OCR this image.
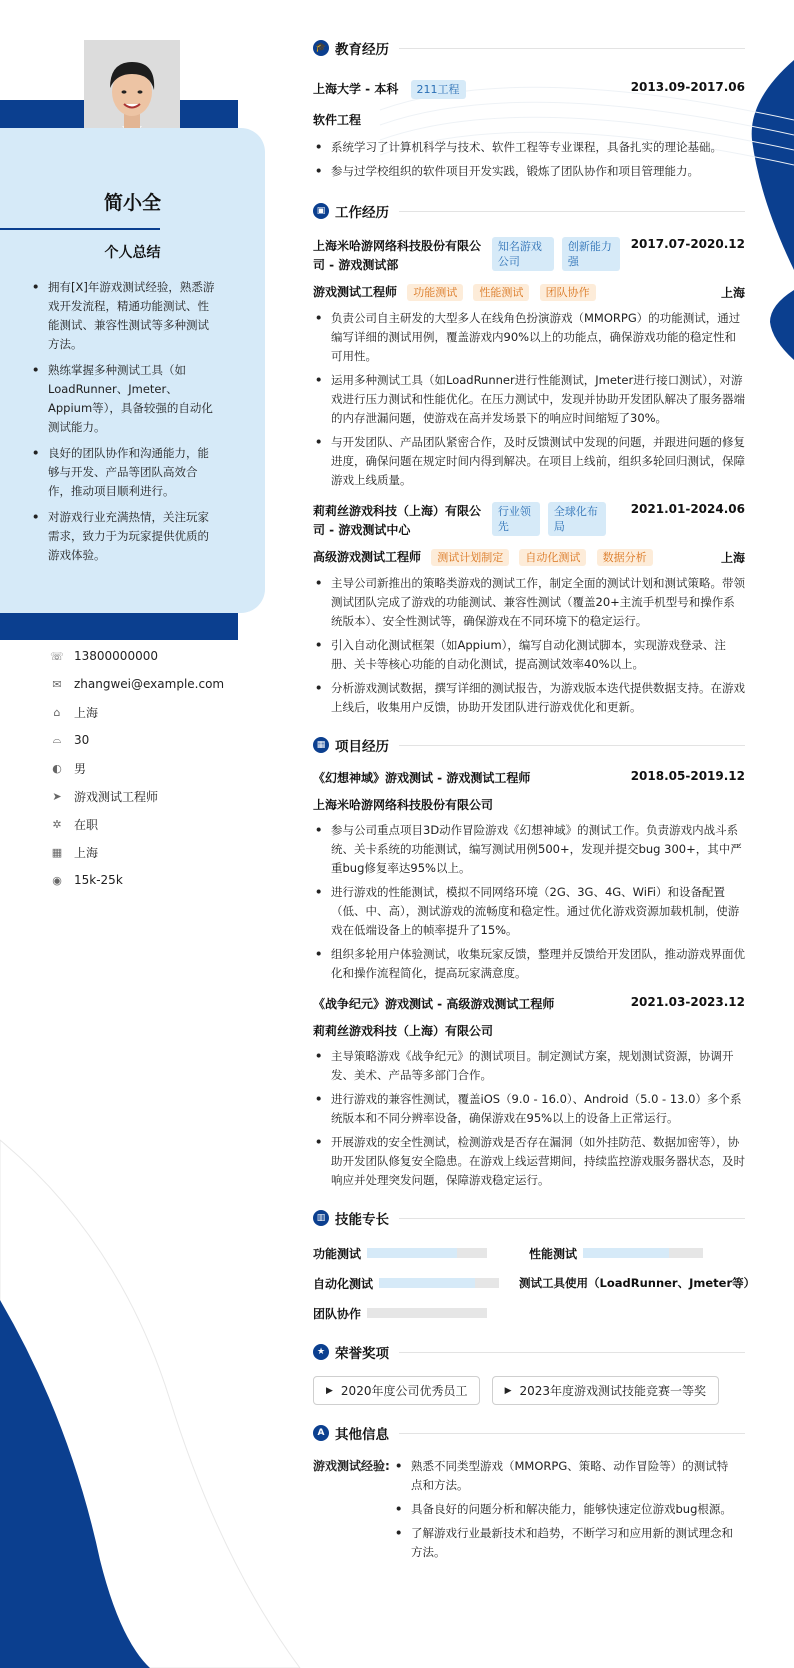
简小全
个人总结
• 拥有[X]年游戏测试经验，熟悉游戏开发流程，精通功能测试、性能测试、兼容性测试等多种测试方法。
• 熟练掌握多种测试工具（如LoadRunner、Jmeter、Appium等），具备较强的自动化测试能力。
• 良好的团队协作和沟通能力，能够与开发、产品等团队高效合作，推动项目顺利进行。
• 对游戏行业充满热情，关注玩家需求，致力于为玩家提供优质的游戏体验。
☏ 13800000000
✉ zhangwei@example.com
⌂ 上海
⌓ 30
◐ 男
➤ 游戏测试工程师
✲ 在职
▦ 上海
◉ 15k-25k
🎓 教育经历
上海大学 - 本科 211工程	2013.09-2017.06
软件工程
• 系统学习了计算机科学与技术、软件工程等专业课程，具备扎实的理论基础。
• 参与过学校组织的软件项目开发实践，锻炼了团队协作和项目管理能力。
▣ 工作经历
上海米哈游网络科技股份有限公司 - 游戏测试部
知名游戏公司
创新能力强
2017.07-2020.12
游戏测试工程师 功能测试 性能测试 团队协作	上海
• 负责公司自主研发的大型多人在线角色扮演游戏（MMORPG）的功能测试，通过编写详细的测试用例，覆盖游戏内90%以上的功能点，确保游戏功能的稳定性和可用性。
• 运用多种测试工具（如LoadRunner进行性能测试，Jmeter进行接口测试），对游戏进行压力测试和性能优化。在压力测试中，发现并协助开发团队解决了服务器端的内存泄漏问题，使游戏在高并发场景下的响应时间缩短了30%。
• 与开发团队、产品团队紧密合作，及时反馈测试中发现的问题，并跟进问题的修复进度，确保问题在规定时间内得到解决。在项目上线前，组织多轮回归测试，保障游戏上线质量。
莉莉丝游戏科技（上海）有限公司 - 游戏测试中心
行业领先
全球化布局
2021.01-2024.06
高级游戏测试工程师 测试计划制定 自动化测试 数据分析	上海
• 主导公司新推出的策略类游戏的测试工作，制定全面的测试计划和测试策略。带领测试团队完成了游戏的功能测试、兼容性测试（覆盖20+主流手机型号和操作系统版本）、安全性测试等，确保游戏在不同环境下的稳定运行。
• 引入自动化测试框架（如Appium），编写自动化测试脚本，实现游戏登录、注册、关卡等核心功能的自动化测试，提高测试效率40%以上。
• 分析游戏测试数据，撰写详细的测试报告，为游戏版本迭代提供数据支持。在游戏上线后，收集用户反馈，协助开发团队进行游戏优化和更新。
▦ 项目经历
《幻想神域》游戏测试 - 游戏测试工程师	2018.05-2019.12
上海米哈游网络科技股份有限公司
• 参与公司重点项目3D动作冒险游戏《幻想神域》的测试工作。负责游戏内战斗系统、关卡系统的功能测试，编写测试用例500+，发现并提交bug 300+，其中严重bug修复率达95%以上。
• 进行游戏的性能测试，模拟不同网络环境（2G、3G、4G、WiFi）和设备配置（低、中、高），测试游戏的流畅度和稳定性。通过优化游戏资源加载机制，使游戏在低端设备上的帧率提升了15%。
• 组织多轮用户体验测试，收集玩家反馈，整理并反馈给开发团队，推动游戏界面优化和操作流程简化，提高玩家满意度。
《战争纪元》游戏测试 - 高级游戏测试工程师	2021.03-2023.12
莉莉丝游戏科技（上海）有限公司
• 主导策略游戏《战争纪元》的测试项目。制定测试方案，规划测试资源，协调开发、美术、产品等多部门合作。
• 进行游戏的兼容性测试，覆盖iOS（9.0 - 16.0）、Android（5.0 - 13.0）多个系统版本和不同分辨率设备，确保游戏在95%以上的设备上正常运行。
• 开展游戏的安全性测试，检测游戏是否存在漏洞（如外挂防范、数据加密等），协助开发团队修复安全隐患。在游戏上线运营期间，持续监控游戏服务器状态，及时响应并处理突发问题，保障游戏稳定运行。
▥ 技能专长
功能测试	性能测试
自动化测试	测试工具使用（LoadRunner、Jmeter等）
团队协作
★ 荣誉奖项
▶ 2020年度公司优秀员工
	▶ 2023年度游戏测试技能竞赛一等奖
A 其他信息
游戏测试经验:
•	熟悉不同类型游戏（MMORPG、策略、动作冒险等）的测试特点和方法。
• 具备良好的问题分析和解决能力，能够快速定位游戏bug根源。
• 了解游戏行业最新技术和趋势，不断学习和应用新的测试理念和方法。
